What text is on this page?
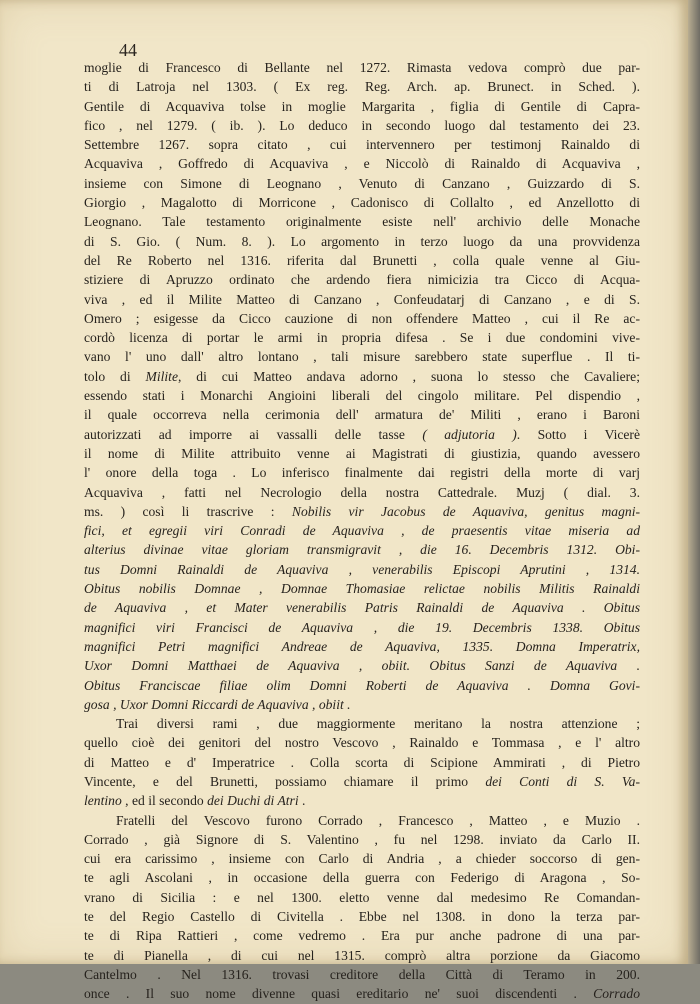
44
moglie di Francesco di Bellante nel 1272. Rimasta vedova comprò due par-
ti di Latroja nel 1303. ( Ex reg. Reg. Arch. ap. Brunect. in Sched. ).
Gentile di Acquaviva tolse in moglie Margarita , figlia di Gentile di Capra-
fico , nel 1279. ( ib. ). Lo deduco in secondo luogo dal testamento dei 23.
Settembre 1267. sopra citato , cui intervennero per testimonj Rainaldo di
Acquaviva , Goffredo di Acquaviva , e Niccolò di Rainaldo di Acquaviva ,
insieme con Simone di Leognano , Venuto di Canzano , Guizzardo di S.
Giorgio , Magalotto di Morricone , Cadonisco di Collalto , ed Anzellotto di
Leognano. Tale testamento originalmente esiste nell' archivio delle Monache
di S. Gio. ( Num. 8. ). Lo argomento in terzo luogo da una provvidenza
del Re Roberto nel 1316. riferita dal Brunetti , colla quale venne al Giu-
stiziere di Apruzzo ordinato che ardendo fiera nimicizia tra Cicco di Acqua-
viva , ed il Milite Matteo di Canzano , Confeudatarj di Canzano , e di S.
Omero ; esigesse da Cicco cauzione di non offendere Matteo , cui il Re ac-
cordò licenza di portar le armi in propria difesa . Se i due condomini vive-
vano l' uno dall' altro lontano , tali misure sarebbero state superflue . Il ti-
tolo di Milite, di cui Matteo andava adorno , suona lo stesso che Cavaliere;
essendo stati i Monarchi Angioini liberali del cingolo militare. Pel dispendio ,
il quale occorreva nella cerimonia dell' armatura de' Militi , erano i Baroni
autorizzati ad imporre ai vassalli delle tasse ( adjutoria ). Sotto i Vicerè
il nome di Milite attribuito venne ai Magistrati di giustizia, quando avessero
l' onore della toga . Lo inferisco finalmente dai registri della morte di varj
Acquaviva , fatti nel Necrologio della nostra Cattedrale. Muzj ( dial. 3.
ms. ) così li trascrive : Nobilis vir Jacobus de Aquaviva, genitus magni-
fici, et egregii viri Conradi de Aquaviva , de praesentis vitae miseria ad
alterius divinae vitae gloriam transmigravit , die 16. Decembris 1312. Obi-
tus Domni Rainaldi de Aquaviva , venerabilis Episcopi Aprutini , 1314.
Obitus nobilis Domnae , Domnae Thomasiae relictae nobilis Militis Rainaldi
de Aquaviva , et Mater venerabilis Patris Rainaldi de Aquaviva . Obitus
magnifici viri Francisci de Aquaviva , die 19. Decembris 1338. Obitus
magnifici Petri magnifici Andreae de Aquaviva, 1335. Domna Imperatrix,
Uxor Domni Matthaei de Aquaviva , obiit. Obitus Sanzi de Aquaviva .
Obitus Franciscae filiae olim Domni Roberti de Aquaviva . Domna Govi-
gosa , Uxor Domni Riccardi de Aquaviva , obiit .
Trai diversi rami , due maggiormente meritano la nostra attenzione ;
quello cioè dei genitori del nostro Vescovo , Rainaldo e Tommasa , e l' altro
di Matteo e d' Imperatrice . Colla scorta di Scipione Ammirati , di Pietro
Vincente, e del Brunetti, possiamo chiamare il primo dei Conti di S. Va-
lentino , ed il secondo dei Duchi di Atri .
Fratelli del Vescovo furono Corrado , Francesco , Matteo , e Muzio .
Corrado , già Signore di S. Valentino , fu nel 1298. inviato da Carlo II.
cui era carissimo , insieme con Carlo di Andria , a chieder soccorso di gen-
te agli Ascolani , in occasione della guerra con Federigo di Aragona , So-
vrano di Sicilia : e nel 1300. eletto venne dal medesimo Re Comandan-
te del Regio Castello di Civitella . Ebbe nel 1308. in dono la terza par-
te di Ripa Rattieri , come vedremo . Era pur anche padrone di una par-
te di Pianella , di cui nel 1315. comprò altra porzione da Giacomo
Cantelmo . Nel 1316. trovasi creditore della Città di Teramo in 200.
once . Il suo nome divenne quasi ereditario ne' suoi discendenti . Corrado
